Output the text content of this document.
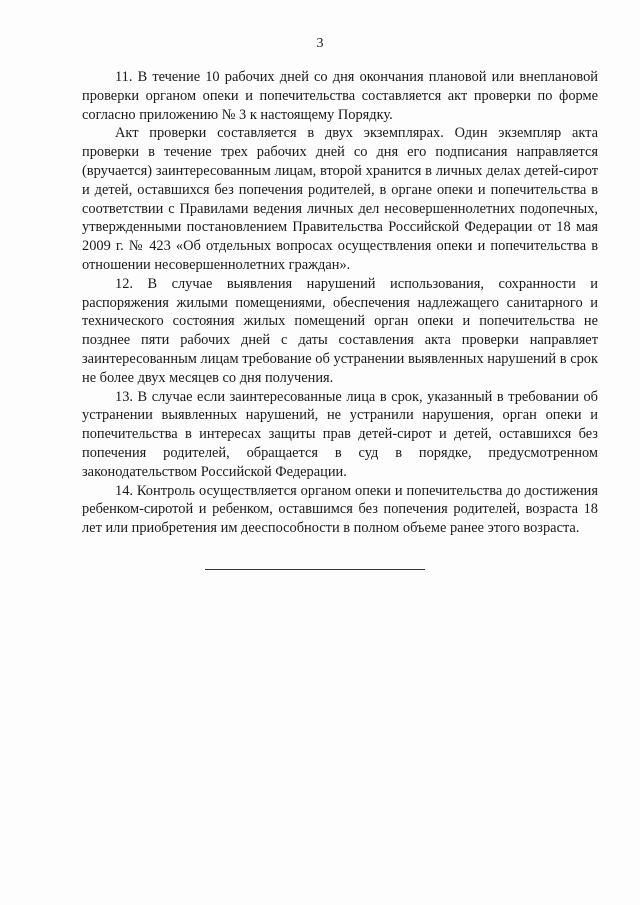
3

11. В течение 10 рабочих дней со дня окончания плановой или внеплановой проверки органом опеки и попечительства составляется акт проверки по форме согласно приложению № 3 к настоящему Порядку.

Акт проверки составляется в двух экземплярах. Один экземпляр акта проверки в течение трех рабочих дней со дня его подписания направляется (вручается) заинтересованным лицам, второй хранится в личных делах детей-сирот и детей, оставшихся без попечения родителей, в органе опеки и попечительства в соответствии с Правилами ведения личных дел несовершеннолетних подопечных, утвержденными постановлением Правительства Российской Федерации от 18 мая 2009 г. № 423 «Об отдельных вопросах осуществления опеки и попечительства в отношении несовершеннолетних граждан».

12. В случае выявления нарушений использования, сохранности и распоряжения жилыми помещениями, обеспечения надлежащего санитарного и технического состояния жилых помещений орган опеки и попечительства не позднее пяти рабочих дней с даты составления акта проверки направляет заинтересованным лицам требование об устранении выявленных нарушений в срок не более двух месяцев со дня получения.

13. В случае если заинтересованные лица в срок, указанный в требовании об устранении выявленных нарушений, не устранили нарушения, орган опеки и попечительства в интересах защиты прав детей-сирот и детей, оставшихся без попечения родителей, обращается в суд в порядке, предусмотренном законодательством Российской Федерации.

14. Контроль осуществляется органом опеки и попечительства до достижения ребенком-сиротой и ребенком, оставшимся без попечения родителей, возраста 18 лет или приобретения им дееспособности в полном объеме ранее этого возраста.
